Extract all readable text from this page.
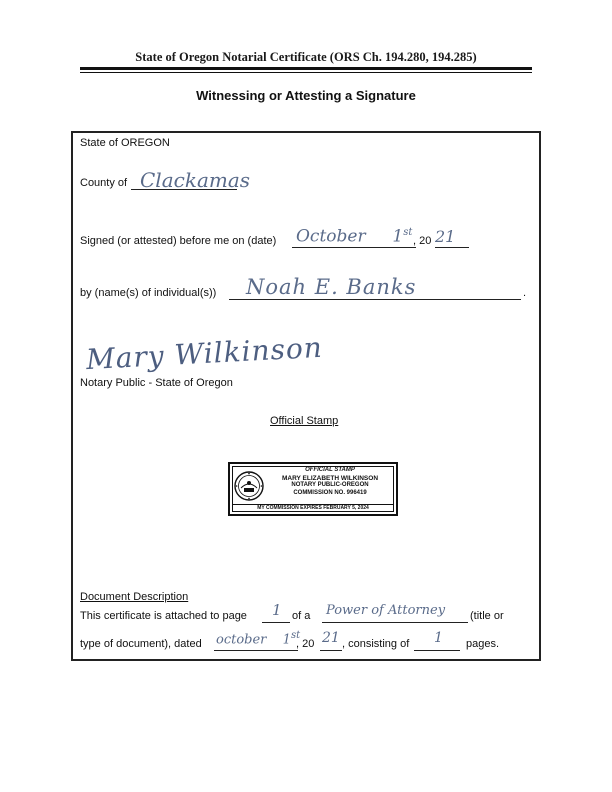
State of Oregon Notarial Certificate (ORS Ch. 194.280, 194.285)
Witnessing or Attesting a Signature
State of OREGON
County of Clackamas
Signed (or attested) before me on (date) October 1st
, 20 21
by (name(s) of individual(s)) Noah E. Banks	.
Mary Wilkinson
Notary Public - State of Oregon
Official Stamp
OFFICIAL STAMP
MARY ELIZABETH WILKINSON
NOTARY PUBLIC-OREGON
COMMISSION NO. 996419
MY COMMISSION EXPIRES FEBRUARY 5, 2024
Document Description
This certificate is attached to page 1 of a Power of Attorney (title or
type of document), dated october 1st
, 20 21 , consisting of 1 pages.
